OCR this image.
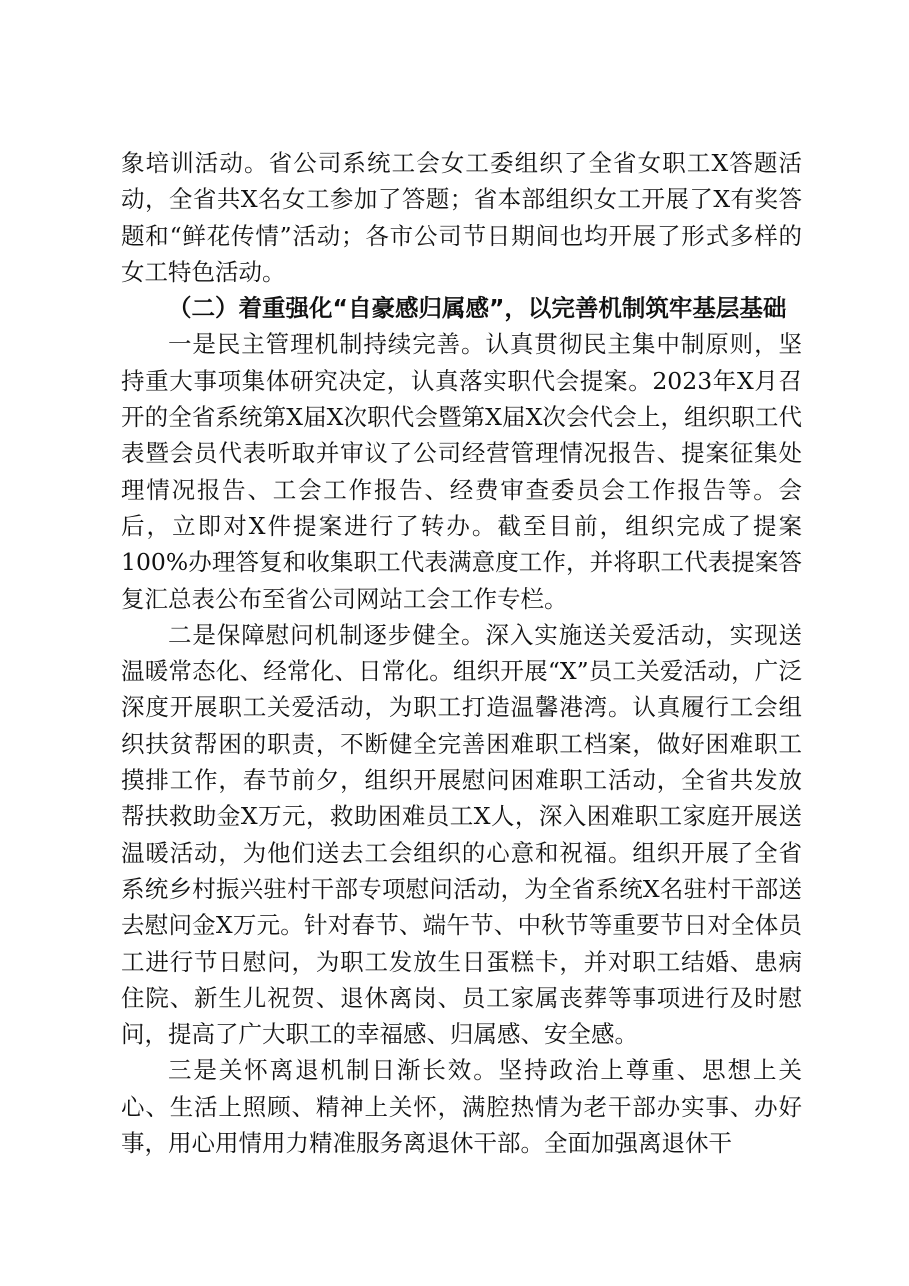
象培训活动。省公司系统工会女工委组织了全省女职工X答题活动，全省共X名女工参加了答题；省本部组织女工开展了X有奖答题和“鲜花传情”活动；各市公司节日期间也均开展了形式多样的女工特色活动。

（二）着重强化“自豪感归属感”，以完善机制筑牢基层基础

一是民主管理机制持续完善。认真贯彻民主集中制原则，坚持重大事项集体研究决定，认真落实职代会提案。2023年X月召开的全省系统第X届X次职代会暨第X届X次会代会上，组织职工代表暨会员代表听取并审议了公司经营管理情况报告、提案征集处理情况报告、工会工作报告、经费审查委员会工作报告等。会后，立即对X件提案进行了转办。截至目前，组织完成了提案100%办理答复和收集职工代表满意度工作，并将职工代表提案答复汇总表公布至省公司网站工会工作专栏。

二是保障慰问机制逐步健全。深入实施送关爱活动，实现送温暖常态化、经常化、日常化。组织开展“X”员工关爱活动，广泛深度开展职工关爱活动，为职工打造温馨港湾。认真履行工会组织扶贫帮困的职责，不断健全完善困难职工档案，做好困难职工摸排工作，春节前夕，组织开展慰问困难职工活动，全省共发放帮扶救助金X万元，救助困难员工X人，深入困难职工家庭开展送温暖活动，为他们送去工会组织的心意和祝福。组织开展了全省系统乡村振兴驻村干部专项慰问活动，为全省系统X名驻村干部送去慰问金X万元。针对春节、端午节、中秋节等重要节日对全体员工进行节日慰问，为职工发放生日蛋糕卡，并对职工结婚、患病住院、新生儿祝贺、退休离岗、员工家属丧葬等事项进行及时慰问，提高了广大职工的幸福感、归属感、安全感。

三是关怀离退机制日渐长效。坚持政治上尊重、思想上关心、生活上照顾、精神上关怀，满腔热情为老干部办实事、办好事，用心用情用力精准服务离退休干部。全面加强离退休干
